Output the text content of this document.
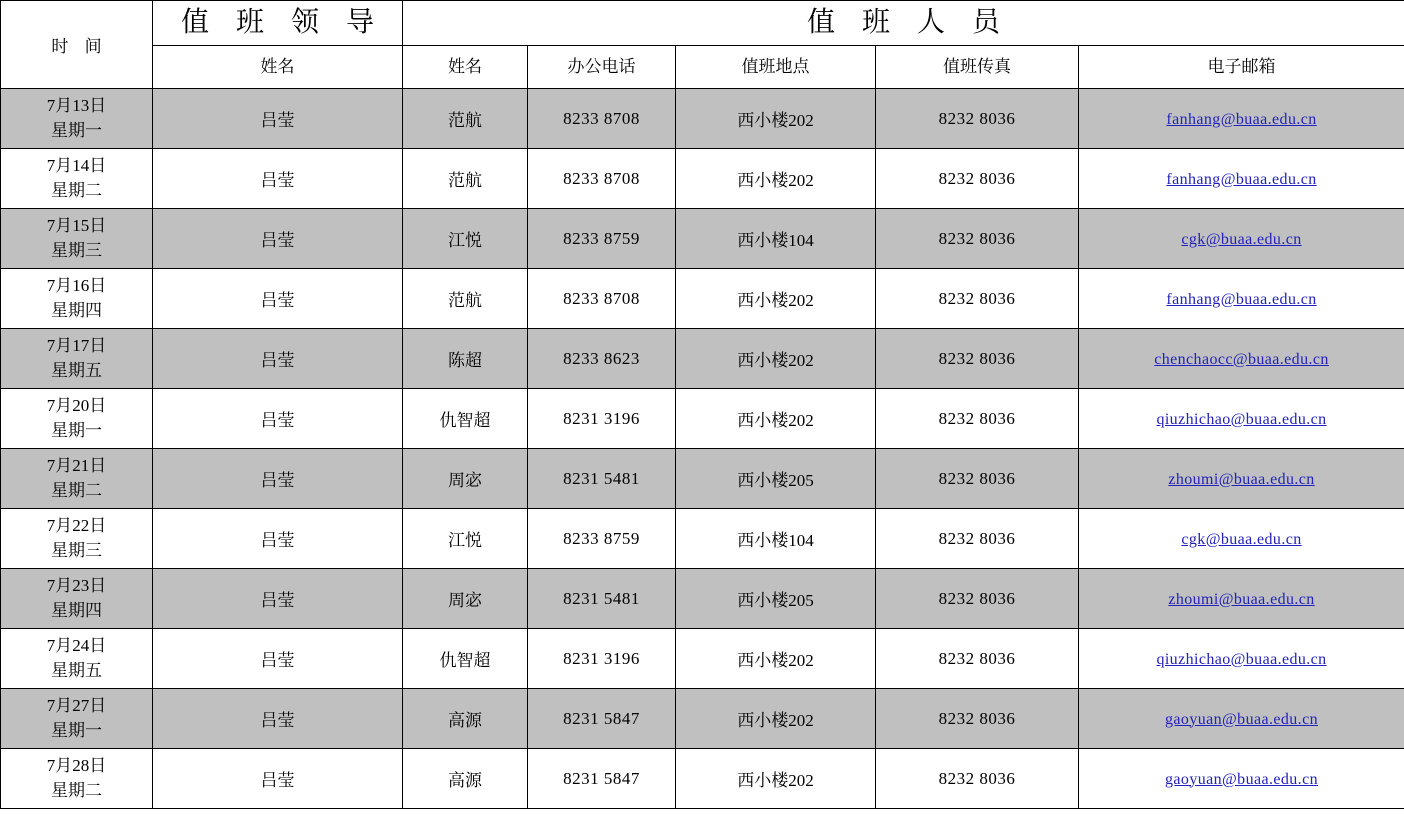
时 间	值 班 领 导	值 班 人 员				
	姓名	姓名	办公电话	值班地点	值班传真	电子邮箱

7月13日
星期一	吕莹	范航	8233 8708	西小楼202	8232 8036	fanhang@buaa.edu.cn

7月14日
星期二	吕莹	范航	8233 8708	西小楼202	8232 8036	fanhang@buaa.edu.cn

7月15日
星期三	吕莹	江悦	8233 8759	西小楼104	8232 8036	cgk@buaa.edu.cn

7月16日
星期四	吕莹	范航	8233 8708	西小楼202	8232 8036	fanhang@buaa.edu.cn

7月17日
星期五	吕莹	陈超	8233 8623	西小楼202	8232 8036	chenchaocc@buaa.edu.cn

7月20日
星期一	吕莹	仇智超	8231 3196	西小楼202	8232 8036	qiuzhichao@buaa.edu.cn

7月21日
星期二	吕莹	周宓	8231 5481	西小楼205	8232 8036	zhoumi@buaa.edu.cn

7月22日
星期三	吕莹	江悦	8233 8759	西小楼104	8232 8036	cgk@buaa.edu.cn

7月23日
星期四	吕莹	周宓	8231 5481	西小楼205	8232 8036	zhoumi@buaa.edu.cn

7月24日
星期五	吕莹	仇智超	8231 3196	西小楼202	8232 8036	qiuzhichao@buaa.edu.cn

7月27日
星期一	吕莹	高源	8231 5847	西小楼202	8232 8036	gaoyuan@buaa.edu.cn

7月28日
星期二	吕莹	高源	8231 5847	西小楼202	8232 8036	gaoyuan@buaa.edu.cn
